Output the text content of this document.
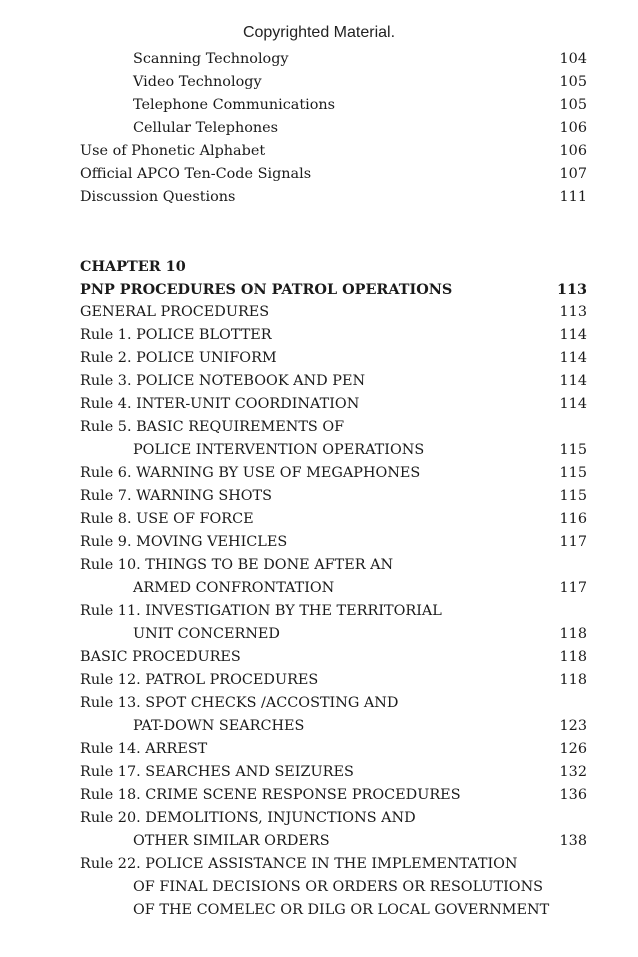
Copyrighted Material.
Scanning Technology	104
Video Technology	105
Telephone Communications	105
Cellular Telephones	106
Use of Phonetic Alphabet	106
Official APCO Ten-Code Signals	107
Discussion Questions	111
CHAPTER 10
PNP PROCEDURES ON PATROL OPERATIONS	113
GENERAL PROCEDURES	113
Rule 1. POLICE BLOTTER	114
Rule 2. POLICE UNIFORM	114
Rule 3. POLICE NOTEBOOK AND PEN	114
Rule 4. INTER-UNIT COORDINATION	114
Rule 5. BASIC REQUIREMENTS OF
POLICE INTERVENTION OPERATIONS	115
Rule 6. WARNING BY USE OF MEGAPHONES	115
Rule 7. WARNING SHOTS	115
Rule 8. USE OF FORCE	116
Rule 9. MOVING VEHICLES	117
Rule 10. THINGS TO BE DONE AFTER AN
ARMED CONFRONTATION	117
Rule 11. INVESTIGATION BY THE TERRITORIAL
UNIT CONCERNED	118
BASIC PROCEDURES	118
Rule 12. PATROL PROCEDURES	118
Rule 13. SPOT CHECKS /ACCOSTING AND
PAT-DOWN SEARCHES	123
Rule 14. ARREST	126
Rule 17. SEARCHES AND SEIZURES	132
Rule 18. CRIME SCENE RESPONSE PROCEDURES	136
Rule 20. DEMOLITIONS, INJUNCTIONS AND
OTHER SIMILAR ORDERS	138
Rule 22. POLICE ASSISTANCE IN THE IMPLEMENTATION
OF FINAL DECISIONS OR ORDERS OR RESOLUTIONS
OF THE COMELEC OR DILG OR LOCAL GOVERNMENT
